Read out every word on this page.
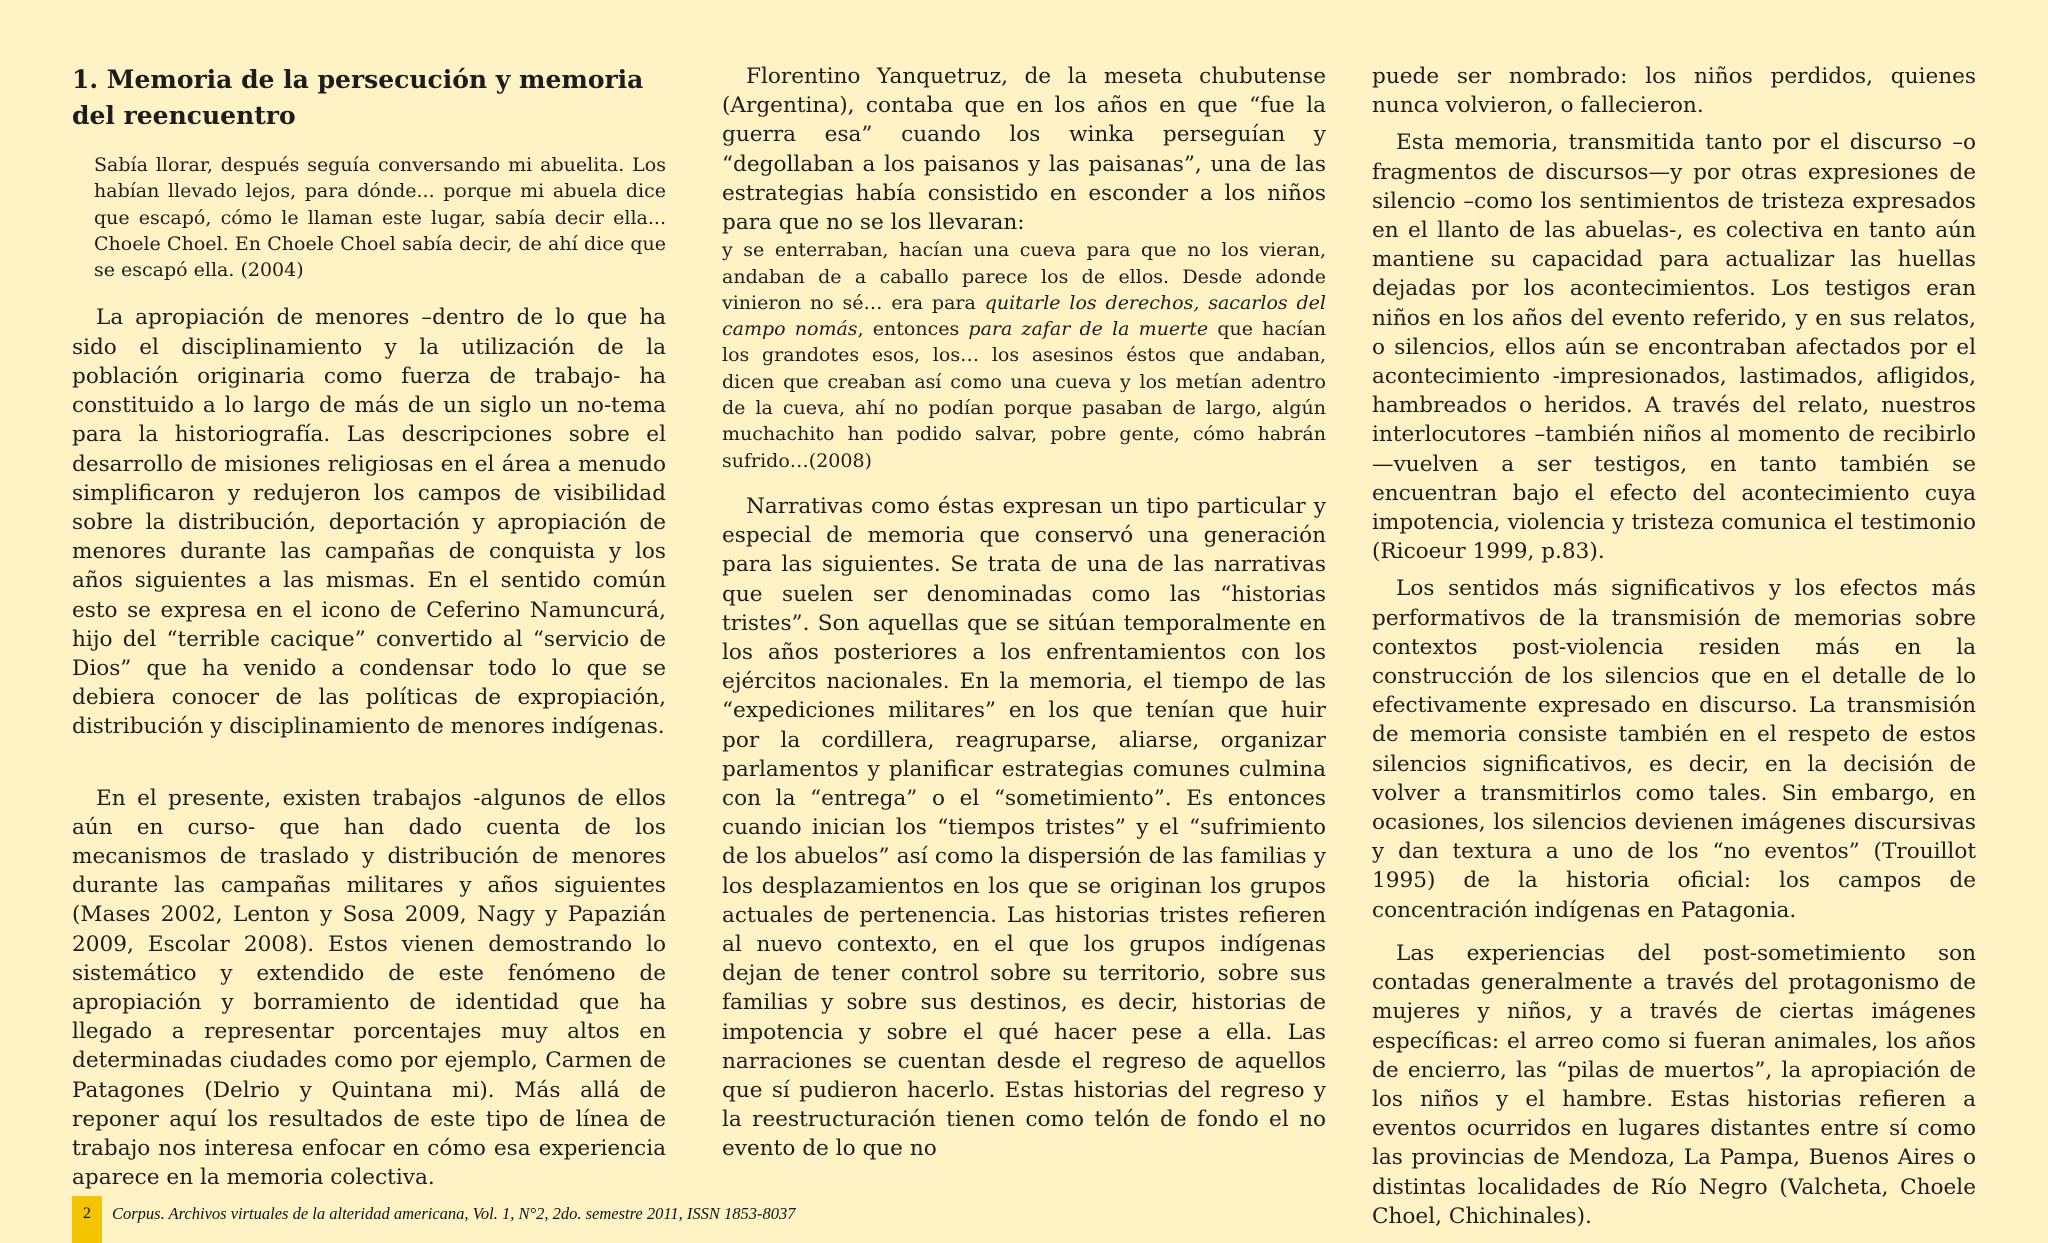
1. Memoria de la persecución y memoria del reencuentro

Sabía llorar, después seguía conversando mi abuelita. Los habían llevado lejos, para dónde... porque mi abuela dice que escapó, cómo le llaman este lugar, sabía decir ella... Choele Choel. En Choele Choel sabía decir, de ahí dice que se escapó ella. (2004)

La apropiación de menores –dentro de lo que ha sido el disciplinamiento y la utilización de la población originaria como fuerza de trabajo- ha constituido a lo largo de más de un siglo un no-tema para la historiografía. Las descripciones sobre el desarrollo de misiones religiosas en el área a menudo simplificaron y redujeron los campos de visibilidad sobre la distribución, deportación y apropiación de menores durante las campañas de conquista y los años siguientes a las mismas. En el sentido común esto se expresa en el icono de Ceferino Namuncurá, hijo del “terrible cacique” convertido al “servicio de Dios” que ha venido a condensar todo lo que se debiera conocer de las políticas de expropiación, distribución y disciplinamiento de menores indígenas.

En el presente, existen trabajos -algunos de ellos aún en curso- que han dado cuenta de los mecanismos de traslado y distribución de menores durante las campañas militares y años siguientes (Mases 2002, Lenton y Sosa 2009, Nagy y Papazián 2009, Escolar 2008). Estos vienen demostrando lo sistemático y extendido de este fenómeno de apropiación y borramiento de identidad que ha llegado a representar porcentajes muy altos en determinadas ciudades como por ejemplo, Carmen de Patagones (Delrio y Quintana mi). Más allá de reponer aquí los resultados de este tipo de línea de trabajo nos interesa enfocar en cómo esa experiencia aparece en la memoria colectiva.

Florentino Yanquetruz, de la meseta chubutense (Argentina), contaba que en los años en que “fue la guerra esa” cuando los winka perseguían y “degollaban a los paisanos y las paisanas”, una de las estrategias había consistido en esconder a los niños para que no se los llevaran:

y se enterraban, hacían una cueva para que no los vieran, andaban de a caballo parece los de ellos. Desde adonde vinieron no sé… era para quitarle los derechos, sacarlos del campo nomás, entonces para zafar de la muerte que hacían los grandotes esos, los… los asesinos éstos que andaban, dicen que creaban así como una cueva y los metían adentro de la cueva, ahí no podían porque pasaban de largo, algún muchachito han podido salvar, pobre gente, cómo habrán sufrido…(2008)

Narrativas como éstas expresan un tipo particular y especial de memoria que conservó una generación para las siguientes. Se trata de una de las narrativas que suelen ser denominadas como las “historias tristes”. Son aquellas que se sitúan temporalmente en los años posteriores a los enfrentamientos con los ejércitos nacionales. En la memoria, el tiempo de las “expediciones militares” en los que tenían que huir por la cordillera, reagruparse, aliarse, organizar parlamentos y planificar estrategias comunes culmina con la “entrega” o el “sometimiento”. Es entonces cuando inician los “tiempos tristes” y el “sufrimiento de los abuelos” así como la dispersión de las familias y los desplazamientos en los que se originan los grupos actuales de pertenencia. Las historias tristes refieren al nuevo contexto, en el que los grupos indígenas dejan de tener control sobre su territorio, sobre sus familias y sobre sus destinos, es decir, historias de impotencia y sobre el qué hacer pese a ella. Las narraciones se cuentan desde el regreso de aquellos que sí pudieron hacerlo. Estas historias del regreso y la reestructuración tienen como telón de fondo el no evento de lo que no

puede ser nombrado: los niños perdidos, quienes nunca volvieron, o fallecieron.

Esta memoria, transmitida tanto por el discurso –o fragmentos de discursos—y por otras expresiones de silencio –como los sentimientos de tristeza expresados en el llanto de las abuelas-, es colectiva en tanto aún mantiene su capacidad para actualizar las huellas dejadas por los acontecimientos. Los testigos eran niños en los años del evento referido, y en sus relatos, o silencios, ellos aún se encontraban afectados por el acontecimiento -impresionados, lastimados, afligidos, hambreados o heridos. A través del relato, nuestros interlocutores –también niños al momento de recibirlo—vuelven a ser testigos, en tanto también se encuentran bajo el efecto del acontecimiento cuya impotencia, violencia y tristeza comunica el testimonio (Ricoeur 1999, p.83).

Los sentidos más significativos y los efectos más performativos de la transmisión de memorias sobre contextos post-violencia residen más en la construcción de los silencios que en el detalle de lo efectivamente expresado en discurso. La transmisión de memoria consiste también en el respeto de estos silencios significativos, es decir, en la decisión de volver a transmitirlos como tales. Sin embargo, en ocasiones, los silencios devienen imágenes discursivas y dan textura a uno de los “no eventos” (Trouillot 1995) de la historia oficial: los campos de concentración indígenas en Patagonia.

Las experiencias del post-sometimiento son contadas generalmente a través del protagonismo de mujeres y niños, y a través de ciertas imágenes específicas: el arreo como si fueran animales, los años de encierro, las “pilas de muertos”, la apropiación de los niños y el hambre. Estas historias refieren a eventos ocurridos en lugares distantes entre sí como las provincias de Mendoza, La Pampa, Buenos Aires o distintas localidades de Río Negro (Valcheta, Choele Choel, Chichinales).

2	Corpus. Archivos virtuales de la alteridad americana, Vol. 1, N°2, 2do. semestre 2011, ISSN 1853-8037
